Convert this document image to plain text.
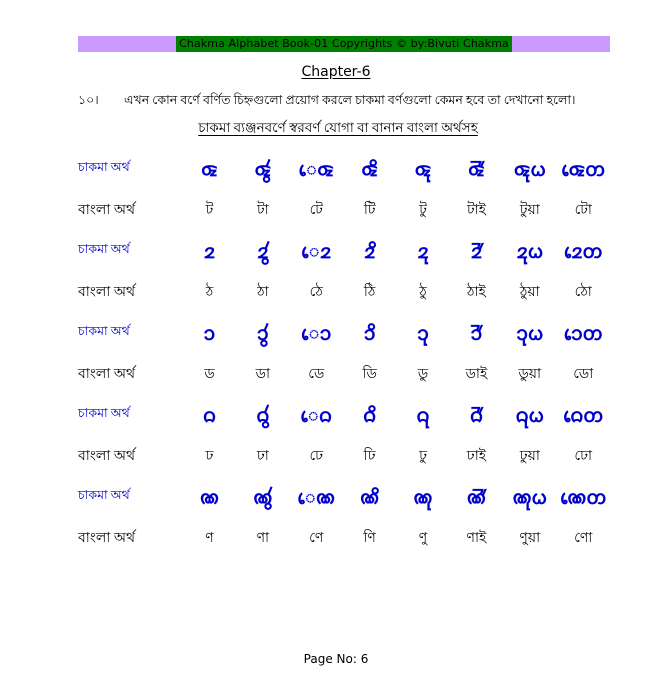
Chakma Alphabet Book-01 Copyrights © by:Bivuti Chakma
Chapter-6
১০। এখন কোন বর্ণে বর্ণিত চিহ্নগুলো প্রয়োগ করলে চাকমা বর্ণগুলো কেমন হবে তা দেখানো হলো।
চাকমা ব্যঞ্জনবর্ণে স্বরবর্ণ যোগা বা বানান বাংলা অর্থসহ
চাকমা অর্থ	𑄑	𑄑𑄮	𑄬𑄑	𑄑𑄨	𑄑𑄪	𑄑𑄰	𑄑𑄪𑄠	𑄑𑄬𑄖
বাংলা অর্থ	ট	টা	টে	টি	টু	টাই	টুয়া	টো
চাকমা অর্থ	𑄓	𑄓𑄮	𑄬𑄓	𑄓𑄨	𑄓𑄪	𑄓𑄰	𑄓𑄪𑄠	𑄓𑄬𑄖
বাংলা অর্থ	ঠ	ঠা	ঠে	ঠি	ঠু	ঠাই	ঠুয়া	ঠো
চাকমা অর্থ	𑄘	𑄘𑄮	𑄬𑄘	𑄘𑄨	𑄘𑄪	𑄘𑄰	𑄘𑄪𑄠	𑄘𑄬𑄖
বাংলা অর্থ	ড	ডা	ডে	ডি	ডু	ডাই	ডুয়া	ডো
চাকমা অর্থ	𑄙	𑄙𑄮	𑄬𑄙	𑄙𑄨	𑄙𑄪	𑄙𑄰	𑄙𑄪𑄠	𑄙𑄬𑄖
বাংলা অর্থ	ঢ	ঢা	ঢে	ঢি	ঢু	ঢাই	ঢুয়া	ঢো
চাকমা অর্থ	𑄚	𑄚𑄮	𑄬𑄚	𑄚𑄨	𑄚𑄪	𑄚𑄰	𑄚𑄪𑄠	𑄚𑄬𑄖
বাংলা অর্থ	ণ	ণা	ণে	ণি	ণু	ণাই	ণুয়া	ণো
Page No: 6
